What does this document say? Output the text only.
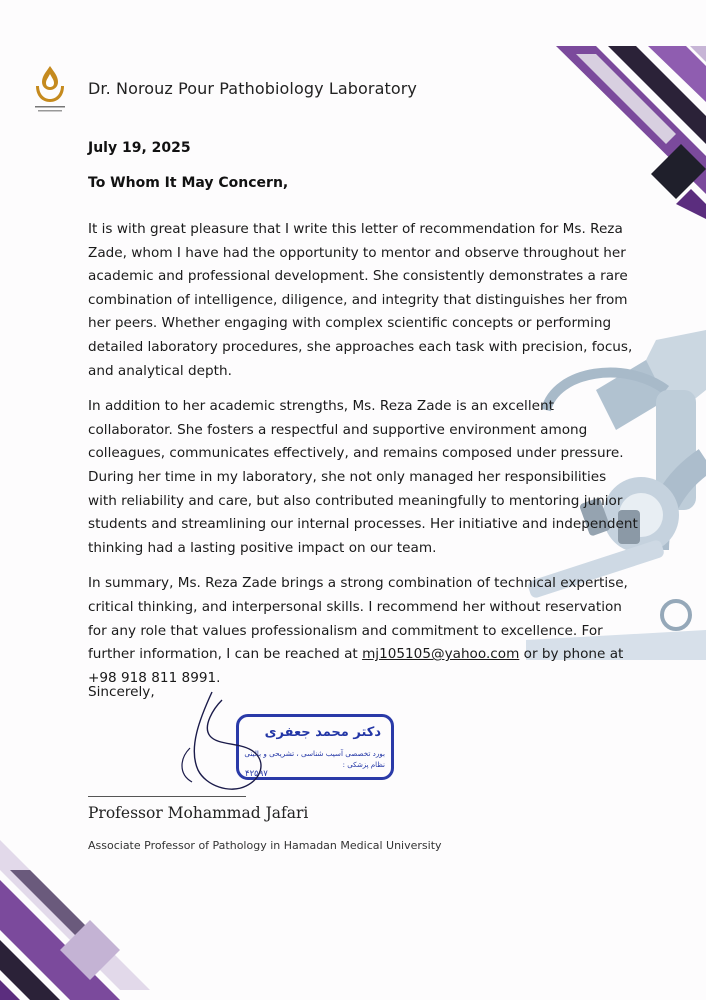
Dr. Norouz Pour Pathobiology Laboratory
July 19, 2025
To Whom It May Concern,

It is with great pleasure that I write this letter of recommendation for Ms. Reza Zade, whom I have had the opportunity to mentor and observe throughout her academic and professional development. She consistently demonstrates a rare combination of intelligence, diligence, and integrity that distinguishes her from her peers. Whether engaging with complex scientific concepts or performing detailed laboratory procedures, she approaches each task with precision, focus, and analytical depth.

In addition to her academic strengths, Ms. Reza Zade is an excellent collaborator. She fosters a respectful and supportive environment among colleagues, communicates effectively, and remains composed under pressure. During her time in my laboratory, she not only managed her responsibilities with reliability and care, but also contributed meaningfully to mentoring junior students and streamlining our internal processes. Her initiative and independent thinking had a lasting positive impact on our team.

In summary, Ms. Reza Zade brings a strong combination of technical expertise, critical thinking, and interpersonal skills. I recommend her without reservation for any role that values professionalism and commitment to excellence. For further information, I can be reached at mj105105@yahoo.com or by phone at +98 918 811 8991.

Sincerely,
دکتر محمد جعفری
بورد تخصصی آسیب شناسی ، تشریحی و بالینی
نظام پزشکی :
۴۲۵۹۷
Professor Mohammad Jafari
Associate Professor of Pathology in Hamadan Medical University
